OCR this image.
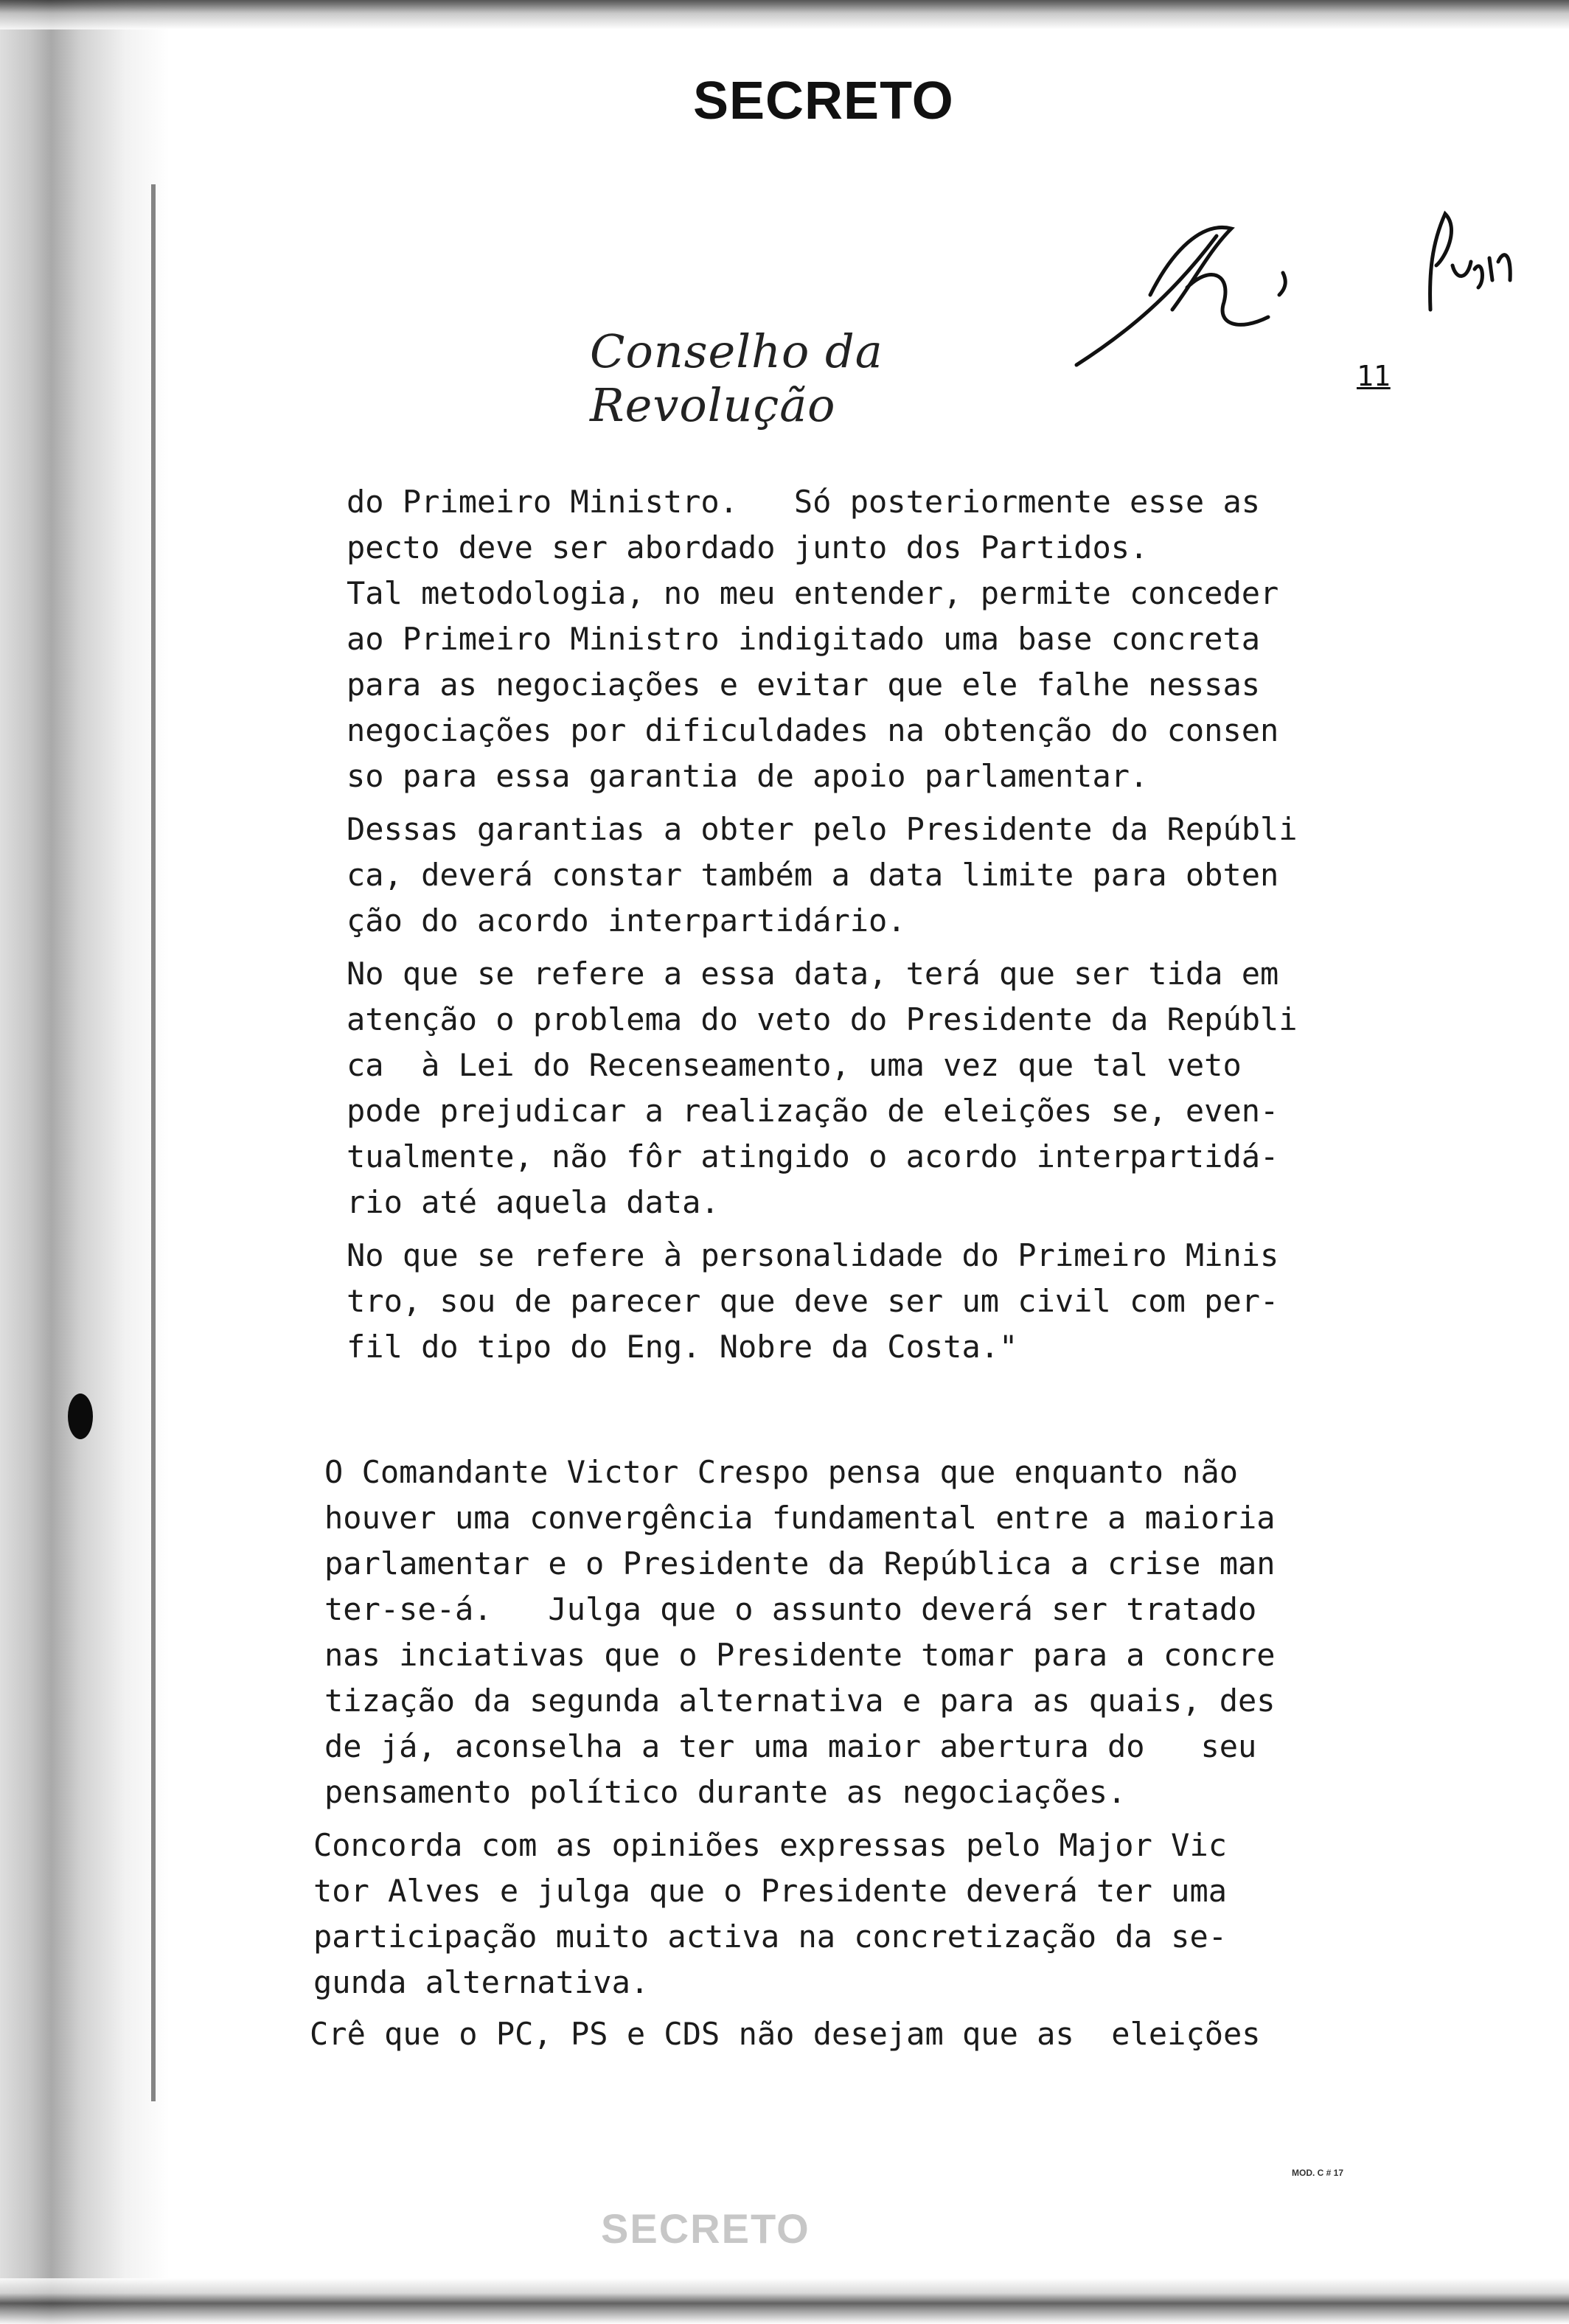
SECRETO
Conselho da Revolução
11
do Primeiro Ministro.   Só posteriormente esse as
pecto deve ser abordado junto dos Partidos.
Tal metodologia, no meu entender, permite conceder
ao Primeiro Ministro indigitado uma base concreta
para as negociações e evitar que ele falhe nessas
negociações por dificuldades na obtenção do consen
so para essa garantia de apoio parlamentar.
Dessas garantias a obter pelo Presidente da Repúbli
ca, deverá constar também a data limite para obten
ção do acordo interpartidário.
No que se refere a essa data, terá que ser tida em
atenção o problema do veto do Presidente da Repúbli
ca  à Lei do Recenseamento, uma vez que tal veto
pode prejudicar a realização de eleições se, even-
tualmente, não fôr atingido o acordo interpartidá-
rio até aquela data.
No que se refere à personalidade do Primeiro Minis
tro, sou de parecer que deve ser um civil com per-
fil do tipo do Eng. Nobre da Costa."
O Comandante Victor Crespo pensa que enquanto não
houver uma convergência fundamental entre a maioria
parlamentar e o Presidente da República a crise man
ter-se-á.   Julga que o assunto deverá ser tratado
nas inciativas que o Presidente tomar para a concre
tização da segunda alternativa e para as quais, des
de já, aconselha a ter uma maior abertura do   seu
pensamento político durante as negociações.
Concorda com as opiniões expressas pelo Major Vic
tor Alves e julga que o Presidente deverá ter uma
participação muito activa na concretização da se-
gunda alternativa.
Crê que o PC, PS e CDS não desejam que as  eleições
MOD. C # 17
SECRETO
